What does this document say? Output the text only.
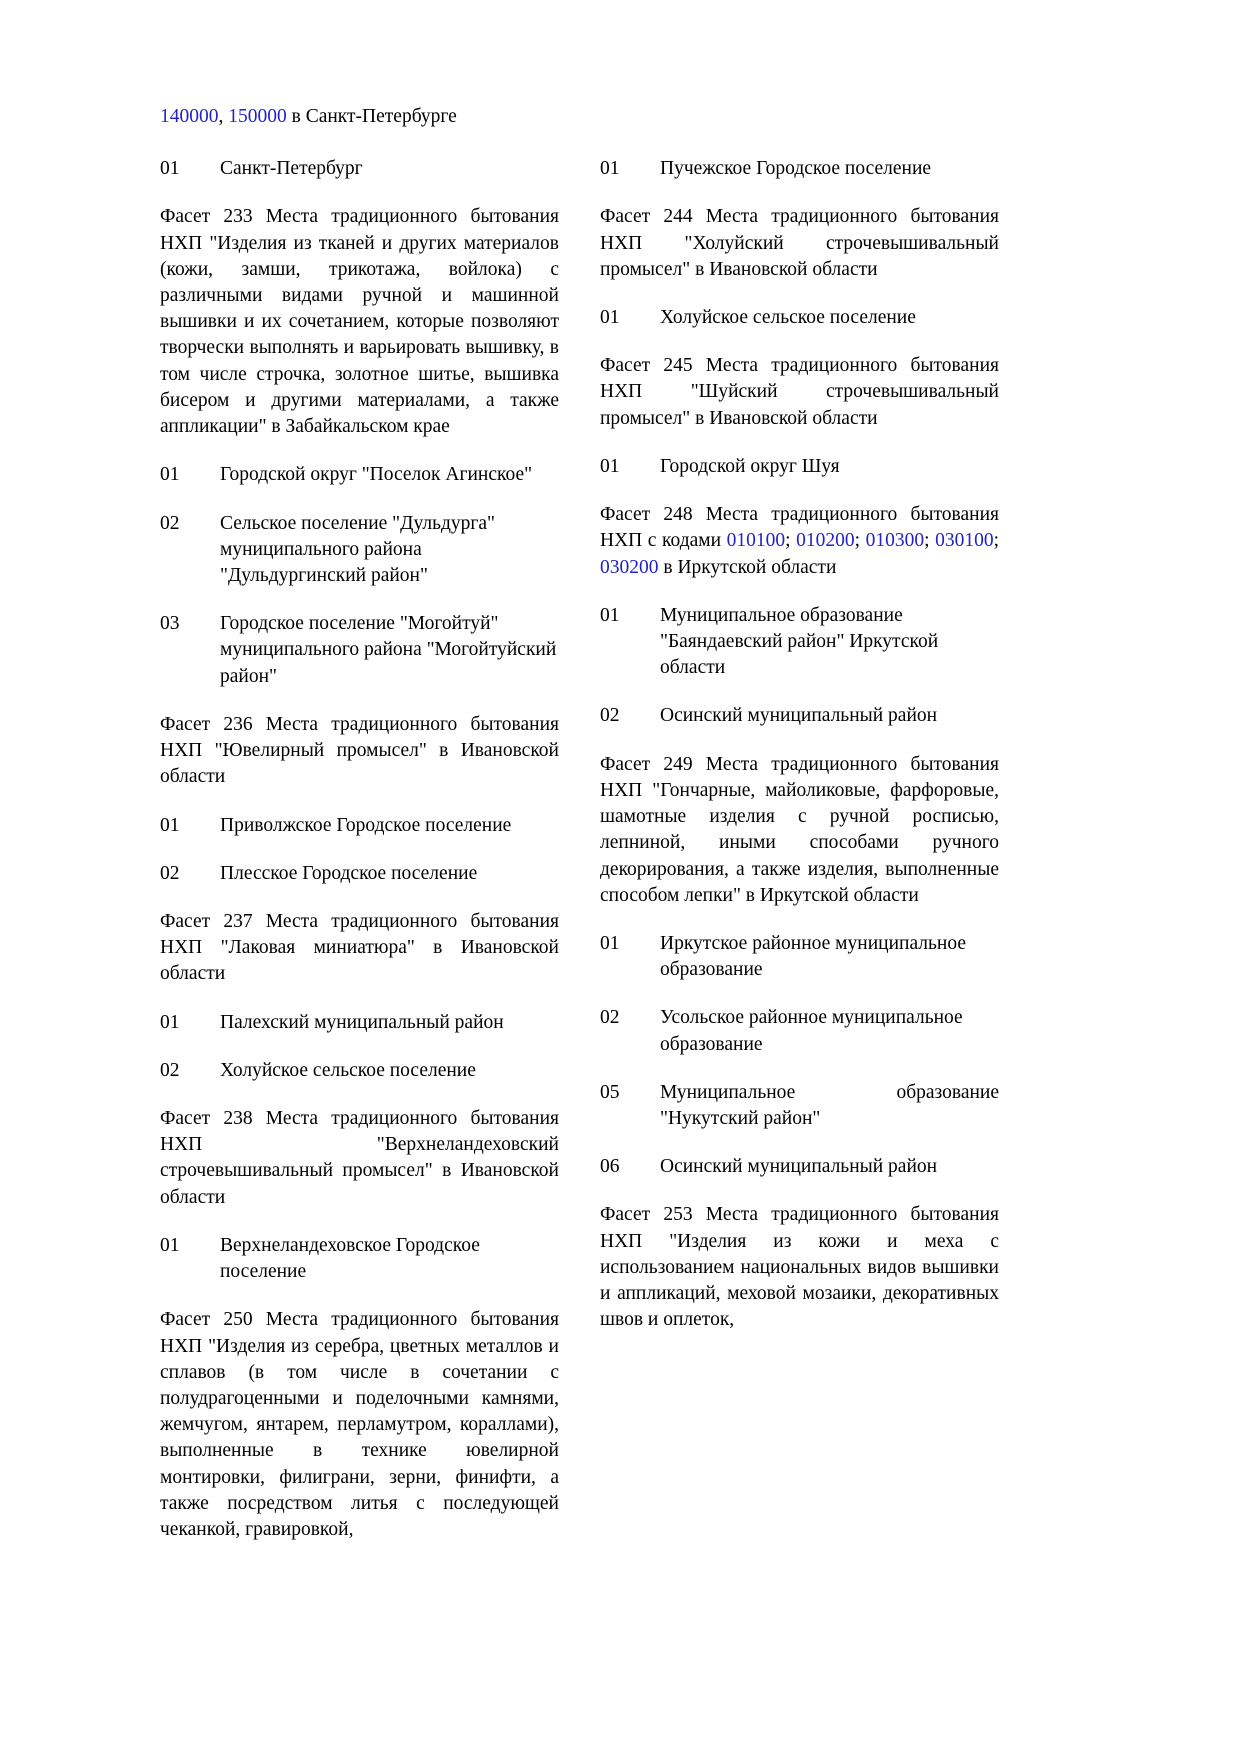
140000, 150000 в Санкт-Петербурге
01	Санкт-Петербург

Фасет 233 Места традиционного бытования НХП "Изделия из тканей и других материалов (кожи, замши, трикотажа, войлока) с различными видами ручной и машинной вышивки и их сочетанием, которые позволяют творчески выполнять и варьировать вышивку, в том числе строчка, золотное шитье, вышивка бисером и другими материалами, а также аппликации" в Забайкальском крае

01	Городской округ "Поселок Агинское"
02	Сельское поселение "Дульдурга" муниципального района "Дульдургинский район"
03	Городское поселение "Могойтуй" муниципального района "Могойтуйский район"

Фасет 236 Места традиционного бытования НХП "Ювелирный промысел" в Ивановской области

01	Приволжское Городское поселение
02	Плесское Городское поселение

Фасет 237 Места традиционного бытования НХП "Лаковая миниатюра" в Ивановской области

01	Палехский муниципальный район
02	Холуйское сельское поселение

Фасет 238 Места традиционного бытования НХП "Верхнеландеховский строчевышивальный промысел" в Ивановской области

01	Верхнеландеховское Городское поселение

Фасет 250 Места традиционного бытования НХП "Изделия из серебра, цветных металлов и сплавов (в том числе в сочетании с полудрагоценными и поделочными камнями, жемчугом, янтарем, перламутром, кораллами), выполненные в технике ювелирной монтировки, филиграни, зерни, финифти, а также посредством литья с последующей чеканкой, гравировкой,

01	Пучежское Городское поселение

Фасет 244 Места традиционного бытования НХП "Холуйский строчевышивальный промысел" в Ивановской области

01	Холуйское сельское поселение

Фасет 245 Места традиционного бытования НХП "Шуйский строчевышивальный промысел" в Ивановской области

01	Городской округ Шуя

Фасет 248 Места традиционного бытования НХП с кодами 010100; 010200; 010300; 030100; 030200 в Иркутской области

01	Муниципальное образование "Баяндаевский район" Иркутской области
02	Осинский муниципальный район

Фасет 249 Места традиционного бытования НХП "Гончарные, майоликовые, фарфоровые, шамотные изделия с ручной росписью, лепниной, иными способами ручного декорирования, а также изделия, выполненные способом лепки" в Иркутской области

01	Иркутское районное муниципальное образование
02	Усольское районное муниципальное образование
05	Муниципальное образование "Нукутский район"
06	Осинский муниципальный район

Фасет 253 Места традиционного бытования НХП "Изделия из кожи и меха с использованием национальных видов вышивки и аппликаций, меховой мозаики, декоративных швов и оплеток,
